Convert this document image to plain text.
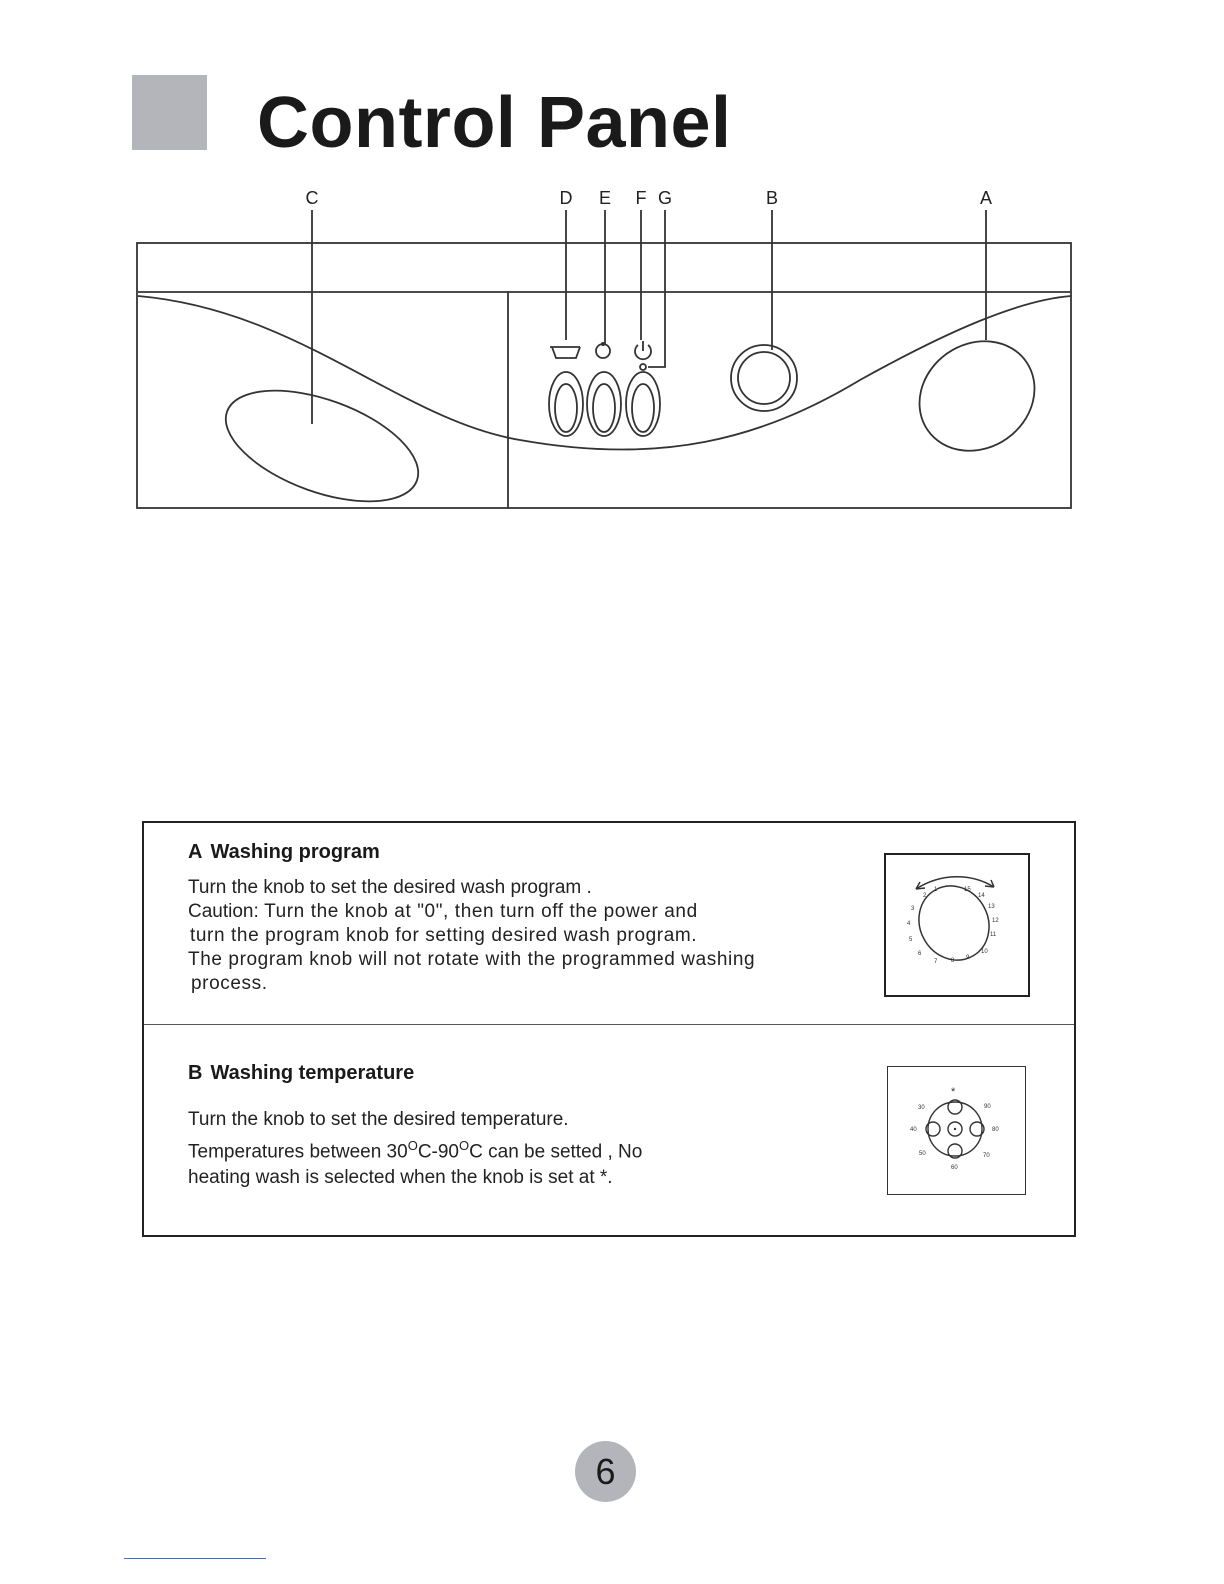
Control Panel
C	D E F G	B	A
A Washing program

Turn the knob to set the desired wash program .

Caution: Turn the knob at "0", then turn off the power and

turn the program knob for setting desired wash program.

The program knob will not rotate with the programmed washing

process.

1
2
3
4
5
6
7 8 9
10
11
12
13
14
15
B Washing temperature

Turn the knob to set the desired temperature.

Temperatures between $30^OC-90^OC$ can be setted , No

heating wash is selected when the knob is set at *.

*
30
40
50
60
70
80
90
6
